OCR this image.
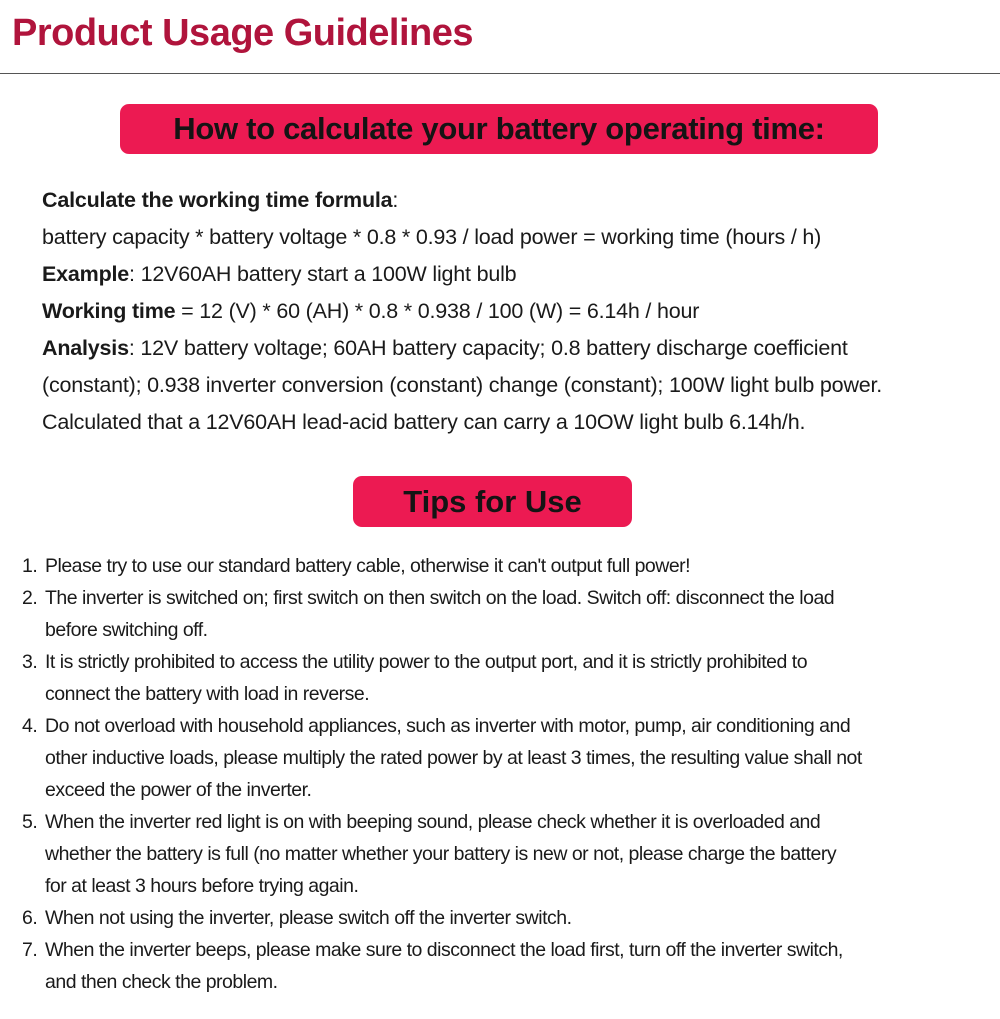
Product Usage Guidelines
How to calculate your battery operating time:
Calculate the working time formula:
battery capacity * battery voltage * 0.8 * 0.93 / load power = working time (hours / h)
Example: 12V60AH battery start a 100W light bulb
Working time = 12 (V) * 60 (AH) * 0.8 * 0.938 / 100 (W) = 6.14h / hour
Analysis: 12V battery voltage; 60AH battery capacity; 0.8 battery discharge coefficient
(constant); 0.938 inverter conversion (constant) change (constant); 100W light bulb power.
Calculated that a 12V60AH lead-acid battery can carry a 10OW light bulb 6.14h/h.
Tips for Use
1. Please try to use our standard battery cable, otherwise it can't output full power!
2. The inverter is switched on; first switch on then switch on the load. Switch off: disconnect the load
before switching off.
3. It is strictly prohibited to access the utility power to the output port, and it is strictly prohibited to
connect the battery with load in reverse.
4. Do not overload with household appliances, such as inverter with motor, pump, air conditioning and
other inductive loads, please multiply the rated power by at least 3 times, the resulting value shall not
exceed the power of the inverter.
5. When the inverter red light is on with beeping sound, please check whether it is overloaded and
whether the battery is full (no matter whether your battery is new or not, please charge the battery
for at least 3 hours before trying again.
6. When not using the inverter, please switch off the inverter switch.
7. When the inverter beeps, please make sure to disconnect the load first, turn off the inverter switch,
and then check the problem.
